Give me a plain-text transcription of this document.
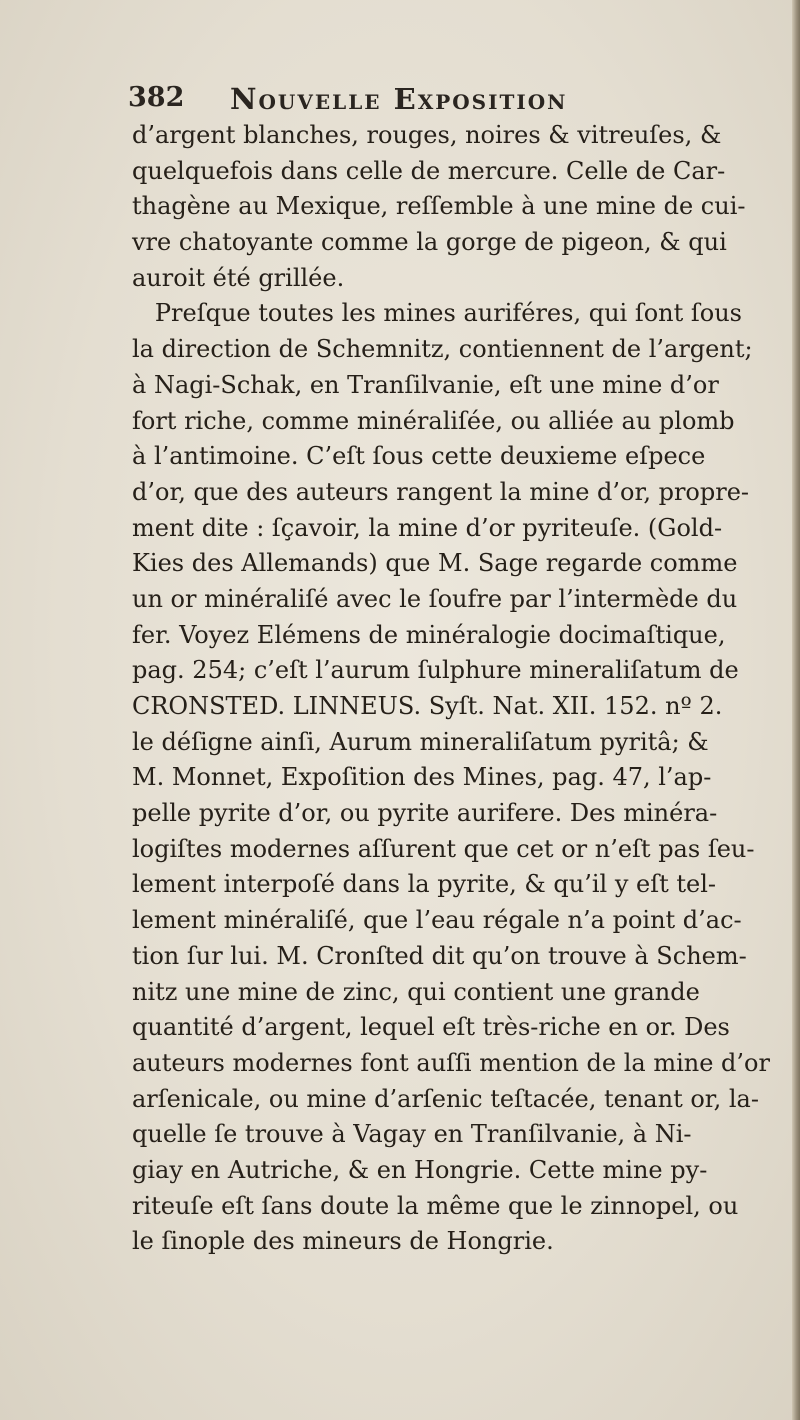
382 Nouvelle Exposition
d’argent blanches, rouges, noires & vitreuſes, &
quelquefois dans celle de mercure. Celle de Car-
thagène au Mexique, reſſemble à une mine de cui-
vre chatoyante comme la gorge de pigeon, & qui
auroit été grillée.
Preſque toutes les mines auriféres, qui ſont ſous
la direction de Schemnitz, contiennent de l’argent;
à Nagi-Schak, en Tranſilvanie, eſt une mine d’or
fort riche, comme minéraliſée, ou alliée au plomb
à l’antimoine. C’eſt ſous cette deuxieme eſpece
d’or, que des auteurs rangent la mine d’or, propre-
ment dite : ſçavoir, la mine d’or pyriteuſe. (Gold-
Kies des Allemands) que M. Sage regarde comme
un or minéraliſé avec le ſoufre par l’intermède du
fer. Voyez Elémens de minéralogie docimaſtique,
pag. 254; c’eſt l’aurum ſulphure mineraliſatum de
CRONSTED. LINNEUS. Syſt. Nat. XII. 152. nº 2.
le déſigne ainſi, Aurum mineraliſatum pyritâ; &
M. Monnet, Expoſition des Mines, pag. 47, l’ap-
pelle pyrite d’or, ou pyrite aurifere. Des minéra-
logiſtes modernes aſſurent que cet or n’eſt pas ſeu-
lement interpoſé dans la pyrite, & qu’il y eſt tel-
lement minéraliſé, que l’eau régale n’a point d’ac-
tion ſur lui. M. Cronſted dit qu’on trouve à Schem-
nitz une mine de zinc, qui contient une grande
quantité d’argent, lequel eſt très-riche en or. Des
auteurs modernes font auſſi mention de la mine d’or
arſenicale, ou mine d’arſenic teſtacée, tenant or, la-
quelle ſe trouve à Vagay en Tranſilvanie, à Ni-
giay en Autriche, & en Hongrie. Cette mine py-
riteuſe eſt ſans doute la même que le zinnopel, ou
le ſinople des mineurs de Hongrie.
